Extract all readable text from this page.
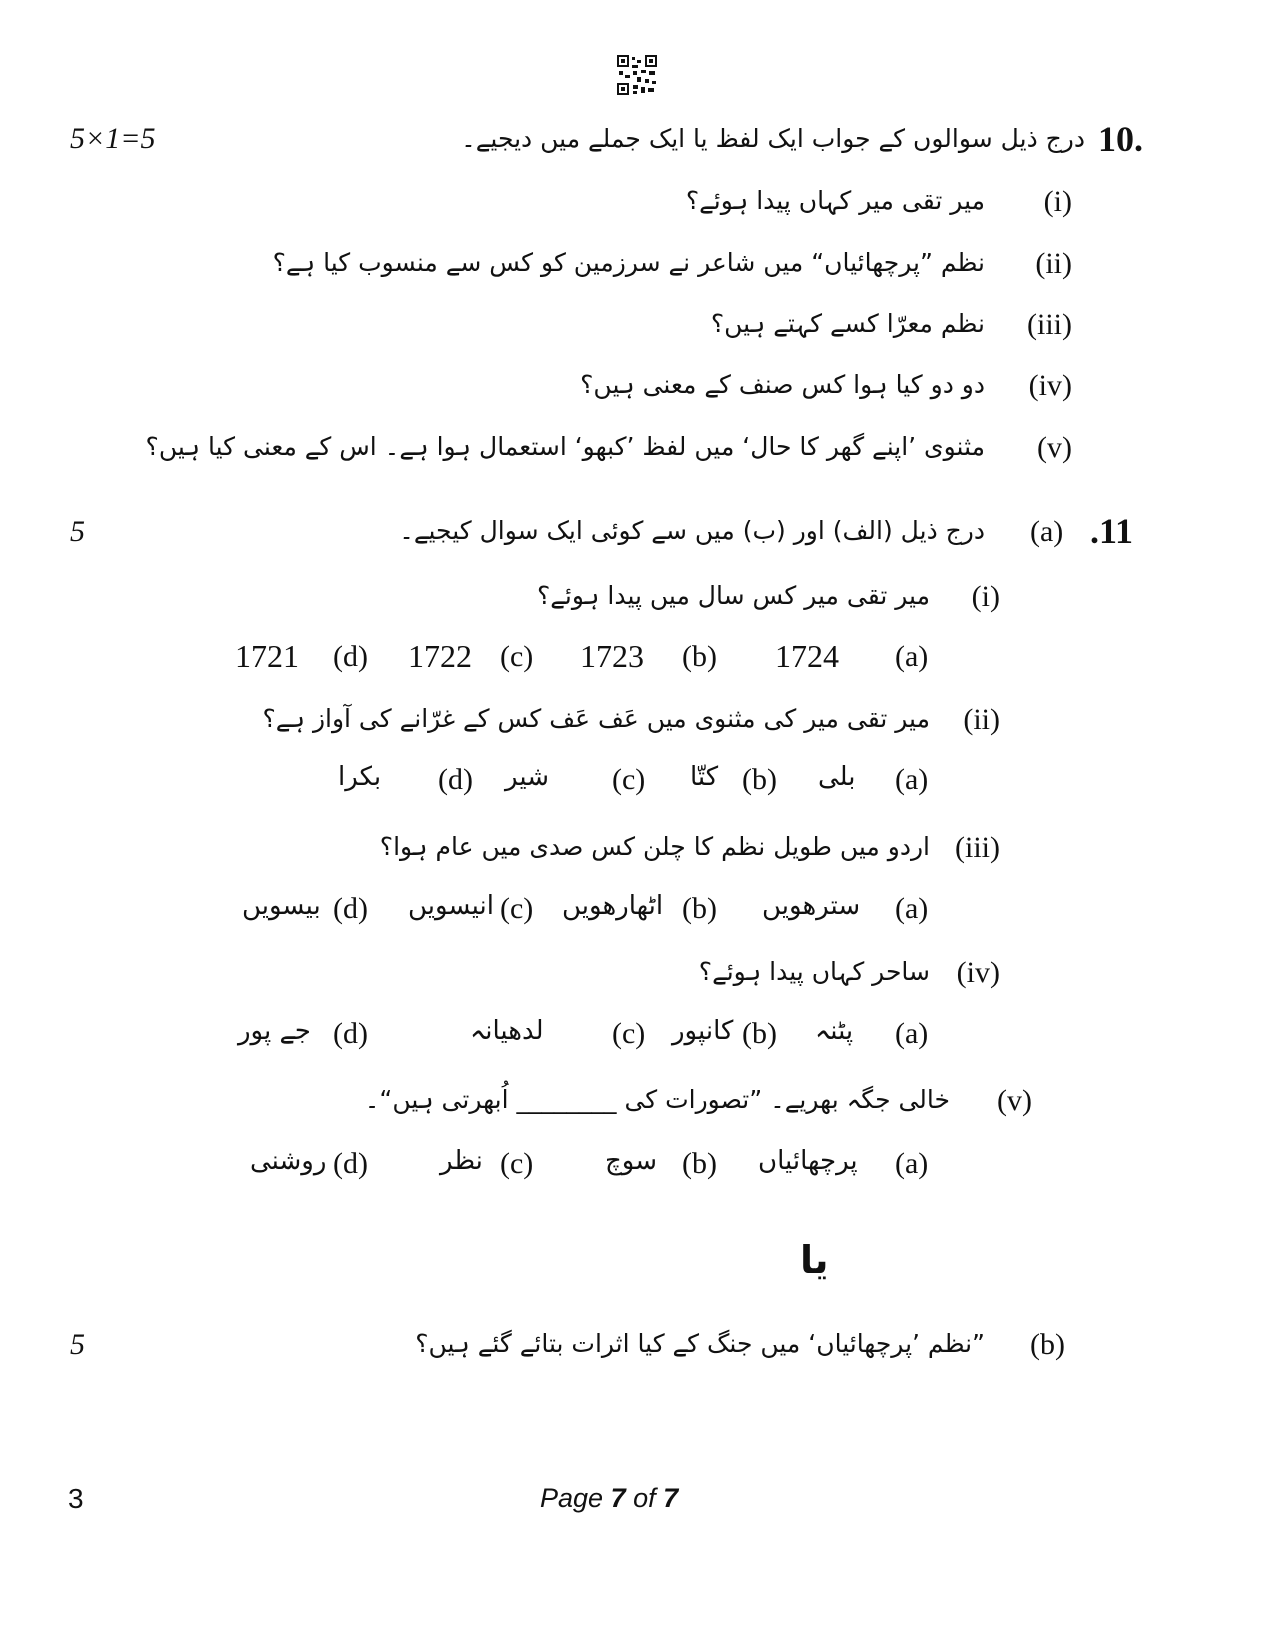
5×1=5	10.
درج ذیل سوالوں کے جواب ایک لفظ یا ایک جملے میں دیجیے۔
(i)
میر تقی میر کہاں پیدا ہوئے؟
(ii)
نظم ”پرچھائیاں“ میں شاعر نے سرزمین کو کس سے منسوب کیا ہے؟
(iii)
نظم معرّا کسے کہتے ہیں؟
(iv)
دو دو کیا ہوا کس صنف کے معنی ہیں؟
(v)
مثنوی ’اپنے گھر کا حال‘ میں لفظ ’کبھو‘ استعمال ہوا ہے۔ اس کے معنی کیا ہیں؟
5	.11
(a)
درج ذیل (الف) اور (ب) میں سے کوئی ایک سوال کیجیے۔
(i)
میر تقی میر کس سال میں پیدا ہوئے؟
(a)
1724
(b)
1723
(c)
1722
(d)
1721
(ii)
میر تقی میر کی مثنوی میں عَف عَف کس کے غرّانے کی آواز ہے؟
(a)
بلی
(b)
کتّا
(c)
شیر
(d)
بکرا
(iii)
اردو میں طویل نظم کا چلن کس صدی میں عام ہوا؟
(a)
سترھویں
(b)
اٹھارھویں
(c)
انیسویں
(d)
بیسویں
(iv)
ساحر کہاں پیدا ہوئے؟
(a)
پٹنہ
(b)
کانپور
(c)
لدھیانہ
(d)
جے پور
(v)
خالی جگہ بھریے۔ ”تصورات کی ________ اُبھرتی ہیں“۔
(a)
پرچھائیاں
(b)
سوچ
(c)
نظر
(d)
روشنی
یا
5	(b)
”نظم ’پرچھائیاں‘ میں جنگ کے کیا اثرات بتائے گئے ہیں؟
3	Page 7 of 7
